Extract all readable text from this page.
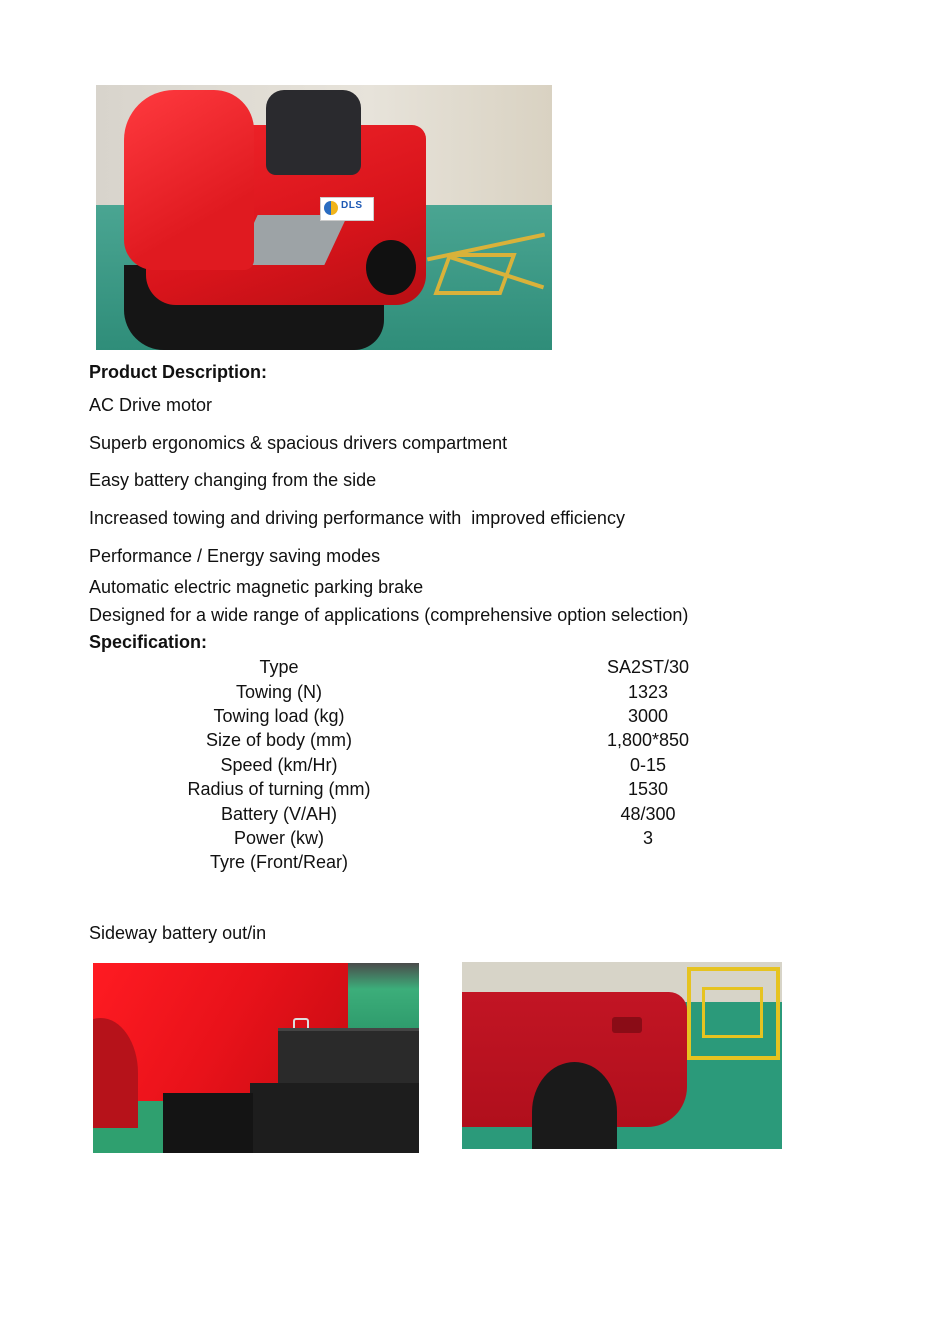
DLS
Product Description:
AC Drive motor
Superb ergonomics & spacious drivers compartment
Easy battery changing from the side
Increased towing and driving performance with  improved efficiency
Performance / Energy saving modes
Automatic electric magnetic parking brake
Designed for a wide range of applications (comprehensive option selection)
Specification:
Type	SA2ST/30
Towing (N)	1323
Towing load (kg)	3000
Size of body (mm)	1,800*850
Speed (km/Hr)	0-15
Radius of turning (mm)	1530
Battery (V/AH)	48/300
Power (kw)	3
Tyre (Front/Rear)
Sideway battery out/in
